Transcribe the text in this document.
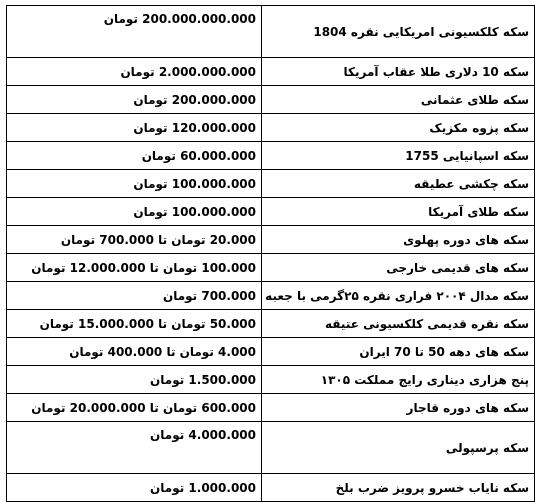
سکه کلکسیونی امریکایی نقره 1804	200.000.000.000 تومان
سکه 10 دلاری طلا عقاب آمریکا	2.000.000.000 تومان
سکه طلای عثمانی	200.000.000 تومان
سکه پزوه مکزیک	120.000.000 تومان
سکه اسپانیایی 1755	60.000.000 تومان
سکه چکشی عطیقه	100.000.000 تومان
سکه طلای آمریکا	100.000.000 تومان
سکه های دوره پهلوی	20.000 تومان تا 700.000 تومان
سکه های قدیمی خارجی	100.000 تومان تا 12.000.000 تومان
سکه مدال ۲۰۰۴ فراری نقره ۲۵گرمی با جعبه	700.000 تومان
سکه نقره قدیمی کلکسیونی عتیقه	50.000 تومان تا 15.000.000 تومان
سکه های دهه 50 تا 70 ایران	4.000 تومان تا 400.000 تومان
پنج هزاری دیناری رایج مملکت ۱۳۰۵	1.500.000 تومان
سکه های دوره قاجار	600.000 تومان تا 20.000.000 تومان
سکه پرسپولی	4.000.000 تومان
سکه نایاب خسرو پرویز ضرب بلخ	1.000.000 تومان
